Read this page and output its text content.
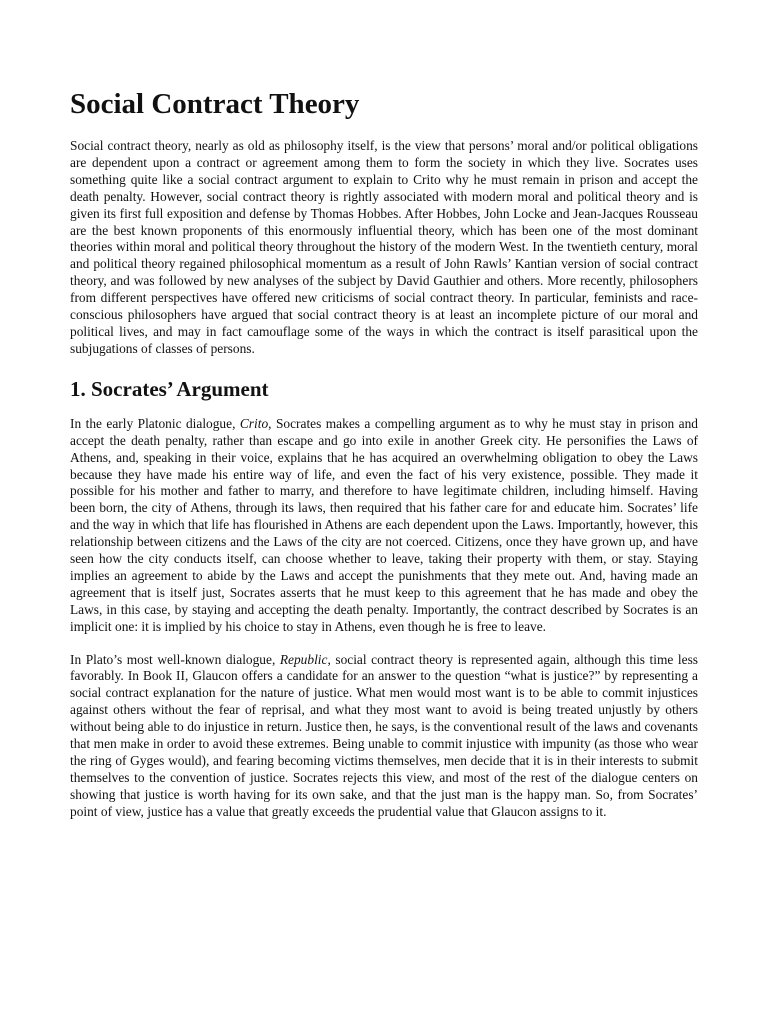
Social Contract Theory

Social contract theory, nearly as old as philosophy itself, is the view that persons’ moral and/or political obligations are dependent upon a contract or agreement among them to form the society in which they live. Socrates uses something quite like a social contract argument to explain to Crito why he must remain in prison and accept the death penalty. However, social contract theory is rightly associated with modern moral and political theory and is given its first full exposition and defense by Thomas Hobbes. After Hobbes, John Locke and Jean-Jacques Rousseau are the best known proponents of this enormously influential theory, which has been one of the most dominant theories within moral and political theory throughout the history of the modern West. In the twentieth century, moral and political theory regained philosophical momentum as a result of John Rawls’ Kantian version of social contract theory, and was followed by new analyses of the subject by David Gauthier and others. More recently, philosophers from different perspectives have offered new criticisms of social contract theory. In particular, feminists and race-conscious philosophers have argued that social contract theory is at least an incomplete picture of our moral and political lives, and may in fact camouflage some of the ways in which the contract is itself parasitical upon the subjugations of classes of persons.

1. Socrates’ Argument

In the early Platonic dialogue, Crito, Socrates makes a compelling argument as to why he must stay in prison and accept the death penalty, rather than escape and go into exile in another Greek city. He personifies the Laws of Athens, and, speaking in their voice, explains that he has acquired an overwhelming obligation to obey the Laws because they have made his entire way of life, and even the fact of his very existence, possible. They made it possible for his mother and father to marry, and therefore to have legitimate children, including himself. Having been born, the city of Athens, through its laws, then required that his father care for and educate him. Socrates’ life and the way in which that life has flourished in Athens are each dependent upon the Laws. Importantly, however, this relationship between citizens and the Laws of the city are not coerced. Citizens, once they have grown up, and have seen how the city conducts itself, can choose whether to leave, taking their property with them, or stay. Staying implies an agreement to abide by the Laws and accept the punishments that they mete out. And, having made an agreement that is itself just, Socrates asserts that he must keep to this agreement that he has made and obey the Laws, in this case, by staying and accepting the death penalty. Importantly, the contract described by Socrates is an implicit one: it is implied by his choice to stay in Athens, even though he is free to leave.

In Plato’s most well-known dialogue, Republic, social contract theory is represented again, although this time less favorably. In Book II, Glaucon offers a candidate for an answer to the question “what is justice?” by representing a social contract explanation for the nature of justice. What men would most want is to be able to commit injustices against others without the fear of reprisal, and what they most want to avoid is being treated unjustly by others without being able to do injustice in return. Justice then, he says, is the conventional result of the laws and covenants that men make in order to avoid these extremes. Being unable to commit injustice with impunity (as those who wear the ring of Gyges would), and fearing becoming victims themselves, men decide that it is in their interests to submit themselves to the convention of justice. Socrates rejects this view, and most of the rest of the dialogue centers on showing that justice is worth having for its own sake, and that the just man is the happy man. So, from Socrates’ point of view, justice has a value that greatly exceeds the prudential value that Glaucon assigns to it.
